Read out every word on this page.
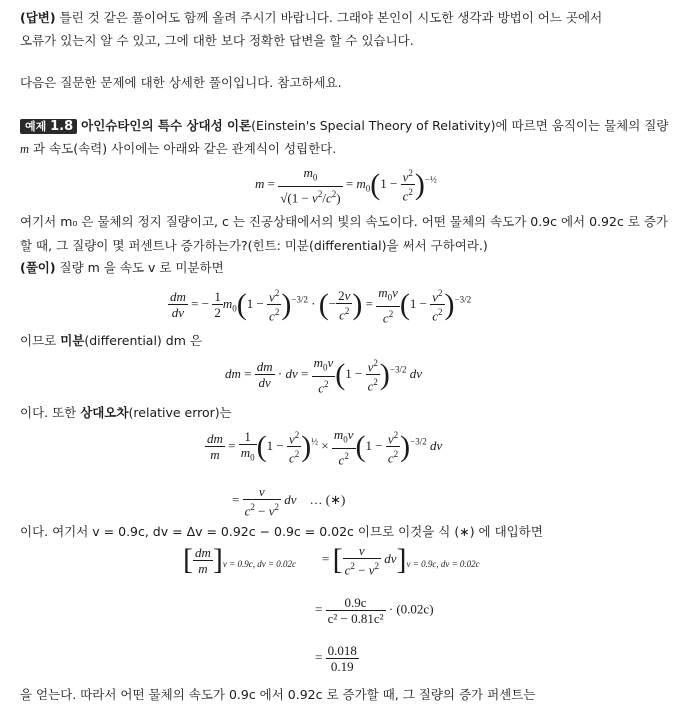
(답변) 틀린 것 같은 풀이어도 함께 올려 주시기 바랍니다. 그래야 본인이 시도한 생각과 방법이 어느 곳에서
오류가 있는지 알 수 있고, 그에 대한 보다 정확한 답변을 할 수 있습니다.
다음은 질문한 문제에 대한 상세한 풀이입니다. 참고하세요.
예제 1.8 아인슈타인의 특수 상대성 이론(Einstein's Special Theory of Relativity)에 따르면 움직이는 물체의 질량
m 과 속도(속력) 사이에는 아래와 같은 관계식이 성립한다.
$m = \frac{m_0}{√(1 - v^2/c^2)} = m_0(1 - \frac{v^2}{c^2} )^{-\frac{1}{2}}$
여기서 m₀ 은 물체의 정지 질량이고, c 는 진공상태에서의 빛의 속도이다. 어떤 물체의 속도가 0.9c 에서 0.92c 로 증가
할 때, 그 질량이 몇 퍼센트나 증가하는가?(힌트: 미분(differential)을 써서 구하여라.)
(풀이) 질량 m 을 속도 v 로 미분하면
$\frac{dm}{dv}$ = − $\frac{1}{2} m_0(1 - \frac{v^2}{c^2} )^{-3/2}$ · (− $\frac{2v}{c^2}$ ) = $\frac{m_0v}{c^2} (1 - \frac{v^2}{c^2} )^{-3/2}$
이므로 미분(differential) dm 은
dm = $\frac{dm}{dv}$ · dv = $\frac{m_0v}{c^2} (1 - \frac{v^2}{c^2} )^{-3/2}$ dv
이다. 또한 상대오차(relative error)는
$\frac{dm}{m} = \frac{1}{m_0} (1 - \frac{v^2}{c^2} )^{\frac{1}{2}} \times \frac{m_0v}{c^2} (1 - \frac{v^2}{c^2} )^{-3/2}$ dv
= $\frac{v}{c^2 - v^2}$ dv … (∗)
이다. 여기서 v = 0.9c, dv = Δv = 0.92c − 0.9c = 0.02c 이므로 이것을 식 (∗) 에 대입하면
[ $\frac{dm}{m} ]_{v = 0.9c, dv = 0.02c}$        = [ $\frac{v}{c^2 - v^2} dv]_{v = 0.9c, dv = 0.02c}$
= $\frac{0.9c}{\text{c² − 0.81c²}} \cdot (0.02c)$
= $\frac{0.018}{0.19}$
을 얻는다. 따라서 어떤 물체의 속도가 0.9c 에서 0.92c 로 증가할 때, 그 질량의 증가 퍼센트는
